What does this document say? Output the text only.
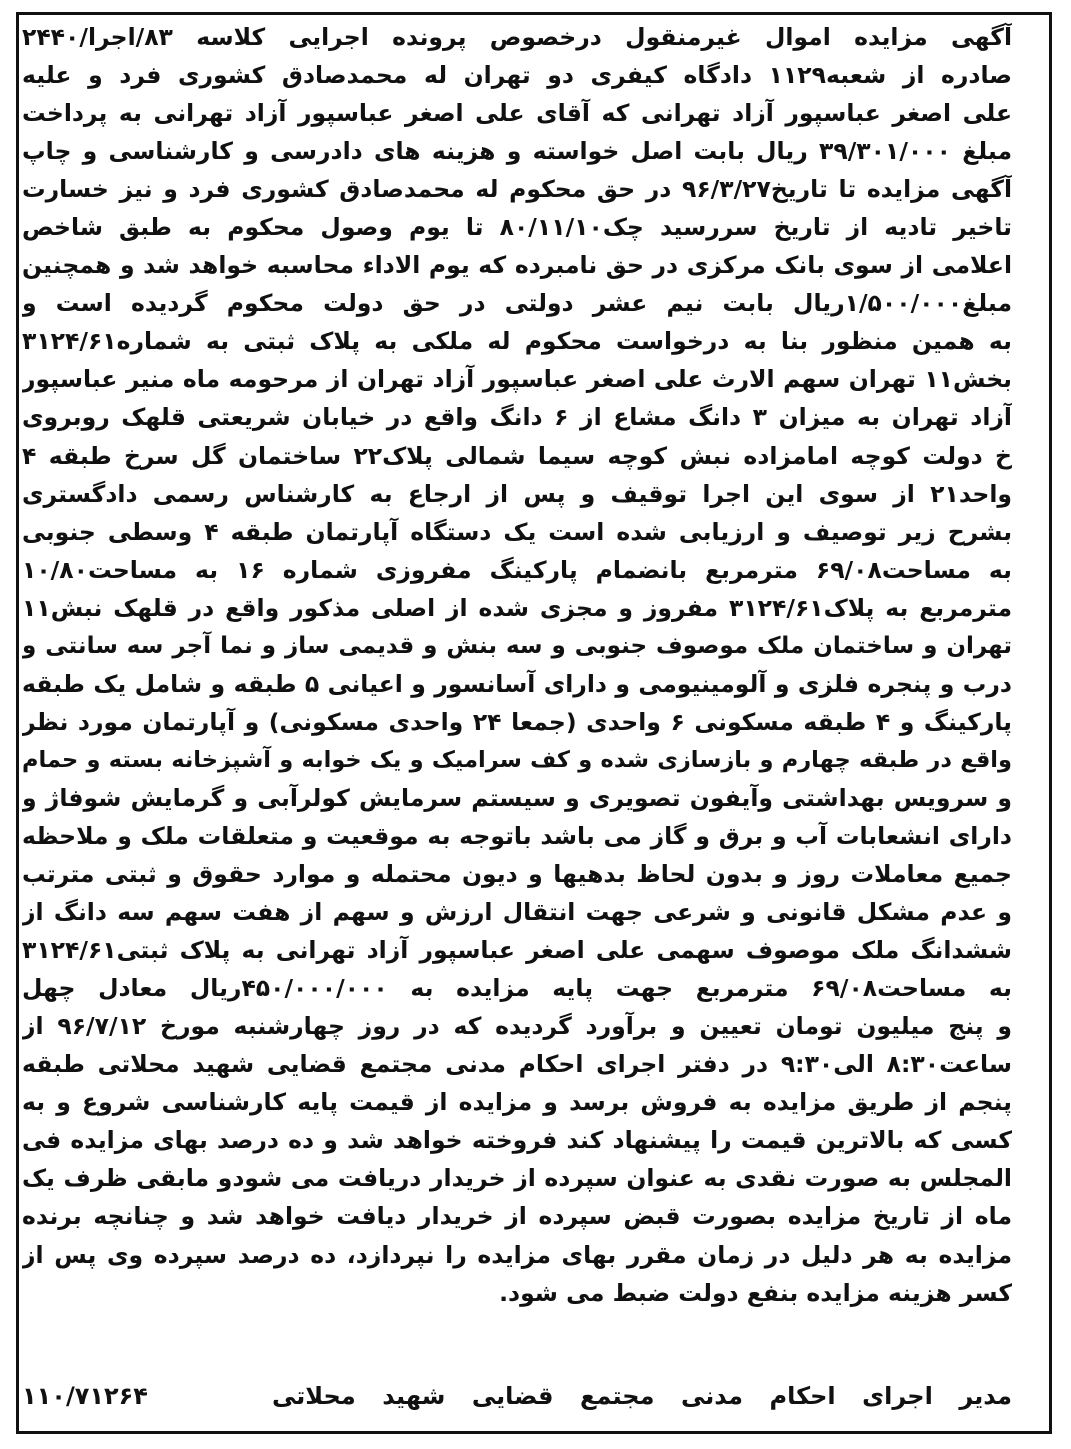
آگهی مزایده اموال غیرمنقول درخصوص پرونده اجرایی کلاسه ۸۳/اجرا/۲۴۴۰
صادره از شعبه۱۱۲۹ دادگاه کیفری دو تهران له محمدصادق کشوری فرد و علیه
علی اصغر عباسپور آزاد تهرانی که آقای علی اصغر عباسپور آزاد تهرانی به پرداخت
مبلغ ۳۹/۳۰۱/۰۰۰ ریال بابت اصل خواسته و هزینه های دادرسی و کارشناسی و چاپ
آگهی مزایده تا تاریخ۹۶/۳/۲۷ در حق محکوم له محمدصادق کشوری فرد و نیز خسارت
تاخیر تادیه از تاریخ سررسید چک۸۰/۱۱/۱۰ تا یوم وصول محکوم به طبق شاخص
اعلامی از سوی بانک مرکزی در حق نامبرده که یوم الاداء محاسبه خواهد شد و همچنین
مبلغ۱/۵۰۰/۰۰۰ریال بابت نیم عشر دولتی در حق دولت محکوم گردیده است و
به همین منظور بنا به درخواست محکوم له ملکی به پلاک ثبتی به شماره۳۱۲۴/۶۱
بخش۱۱ تهران سهم الارث علی اصغر عباسپور آزاد تهران از مرحومه ماه منیر عباسپور
آزاد تهران به میزان ۳ دانگ مشاع از ۶ دانگ واقع در خیابان شریعتی قلهک روبروی
خ دولت کوچه امامزاده نبش کوچه سیما شمالی پلاک۲۲ ساختمان گل سرخ طبقه ۴
واحد۲۱ از سوی این اجرا توقیف و پس از ارجاع به کارشناس رسمی دادگستری
بشرح زیر توصیف و ارزیابی شده است یک دستگاه آپارتمان طبقه ۴ وسطی جنوبی
به مساحت۶۹/۰۸ مترمربع بانضمام پارکینگ مفروزی شماره ۱۶ به مساحت۱۰/۸۰
مترمربع به پلاک۳۱۲۴/۶۱ مفروز و مجزی شده از اصلی مذکور واقع در قلهک نبش۱۱
تهران و ساختمان ملک موصوف جنوبی و سه بنش و قدیمی ساز و نما آجر سه سانتی و
درب و پنجره فلزی و آلومینیومی و دارای آسانسور و اعیانی ۵ طبقه و شامل یک طبقه
پارکینگ و ۴ طبقه مسکونی ۶ واحدی (جمعا ۲۴ واحدی مسکونی) و آپارتمان مورد نظر
واقع در طبقه چهارم و بازسازی شده و کف سرامیک و یک خوابه و آشپزخانه بسته و حمام
و سرویس بهداشتی وآیفون تصویری و سیستم سرمایش کولرآبی و گرمایش شوفاژ و
دارای انشعابات آب و برق و گاز می باشد باتوجه به موقعیت و متعلقات ملک و ملاحظه
جمیع معاملات روز و بدون لحاظ بدهیها و دیون محتمله و موارد حقوق و ثبتی مترتب
و عدم مشکل قانونی و شرعی جهت انتقال ارزش و سهم از هفت سهم سه دانگ از
ششدانگ ملک موصوف سهمی علی اصغر عباسپور آزاد تهرانی به پلاک ثبتی۳۱۲۴/۶۱
به مساحت۶۹/۰۸ مترمربع جهت پایه مزایده به ۴۵۰/۰۰۰/۰۰۰ریال معادل چهل
و پنج میلیون تومان تعیین و برآورد گردیده که در روز چهارشنبه مورخ ۹۶/۷/۱۲ از
ساعت۸:۳۰ الی۹:۳۰ در دفتر اجرای احکام مدنی مجتمع قضایی شهید محلاتی طبقه
پنجم از طریق مزایده به فروش برسد و مزایده از قیمت پایه کارشناسی شروع و به
کسی که بالاترین قیمت را پیشنهاد کند فروخته خواهد شد و ده درصد بهای مزایده فی
المجلس به صورت نقدی به عنوان سپرده از خریدار دریافت می شودو مابقی ظرف یک
ماه از تاریخ مزایده بصورت قبض سپرده از خریدار دیافت خواهد شد و چنانچه برنده
مزایده به هر دلیل در زمان مقرر بهای مزایده را نپردازد، ده درصد سپرده وی پس از
کسر هزینه مزایده بنفع دولت ضبط می شود.
مدیر اجرای احکام مدنی مجتمع قضایی شهید محلاتی
۱۱۰/۷۱۲۶۴
